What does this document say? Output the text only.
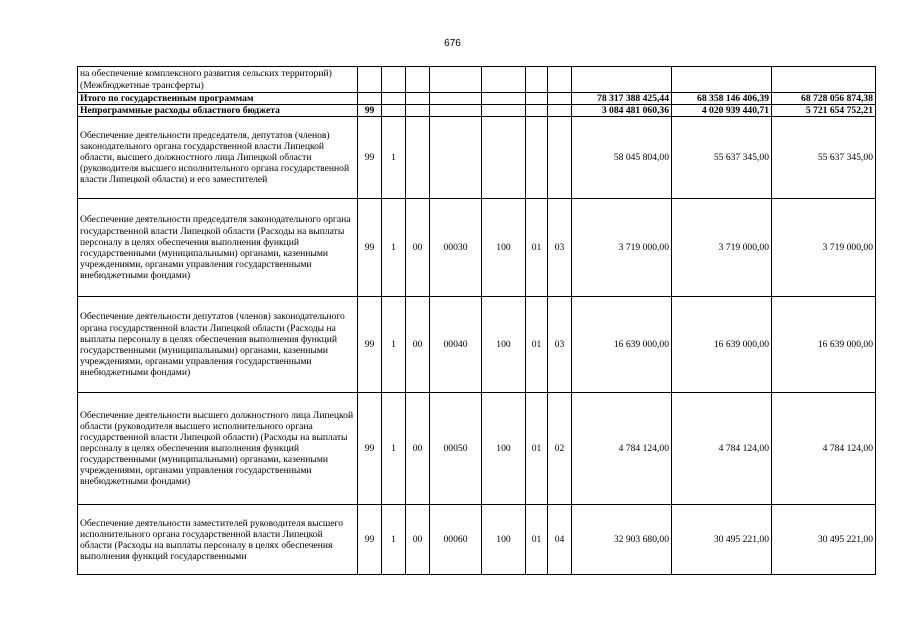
676
на обеспечение комплексного развития сельских территорий) (Межбюджетные трансферты)										
Итого по государственным программам								78 317 388 425,44	68 358 146 406,39	68 728 056 874,38
Непрограммные расходы областного бюджета	99							3 084 481 060,36	4 020 939 440,71	5 721 654 752,21
Обеспечение деятельности председателя, депутатов (членов) законодательного органа государственной власти Липецкой области, высшего должностного лица Липецкой области (руководителя высшего исполнительного органа государственной власти Липецкой области) и его заместителей	99	1						58 045 804,00	55 637 345,00	55 637 345,00
Обеспечение деятельности председателя законодательного органа государственной власти Липецкой области (Расходы на выплаты персоналу в целях обеспечения выполнения функций государственными (муниципальными) органами, казенными учреждениями, органами управления государственными внебюджетными фондами)	99	1	00	00030	100	01	03	3 719 000,00	3 719 000,00	3 719 000,00
Обеспечение деятельности депутатов (членов) законодательного органа государственной власти Липецкой области (Расходы на выплаты персоналу в целях обеспечения выполнения функций государственными (муниципальными) органами, казенными учреждениями, органами управления государственными внебюджетными фондами)	99	1	00	00040	100	01	03	16 639 000,00	16 639 000,00	16 639 000,00
Обеспечение деятельности высшего должностного лица Липецкой области (руководителя высшего исполнительного органа государственной власти Липецкой области) (Расходы на выплаты персоналу в целях обеспечения выполнения функций государственными (муниципальными) органами, казенными учреждениями, органами управления государственными внебюджетными фондами)	99	1	00	00050	100	01	02	4 784 124,00	4 784 124,00	4 784 124,00
Обеспечение деятельности заместителей руководителя высшего исполнительного органа государственной власти Липецкой области (Расходы на выплаты персоналу в целях обеспечения выполнения функций государственными	99	1	00	00060	100	01	04	32 903 680,00	30 495 221,00	30 495 221,00
